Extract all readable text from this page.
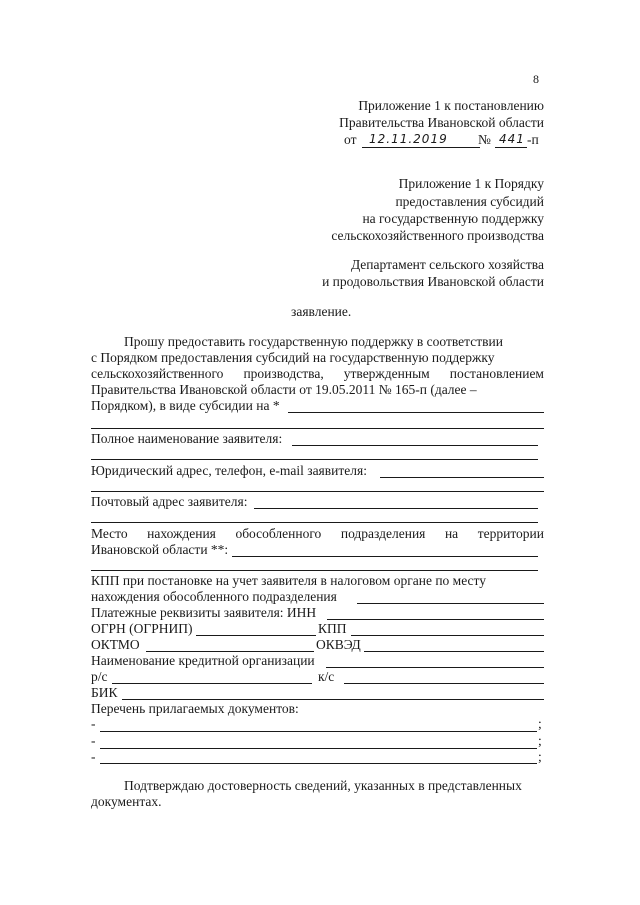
8
Приложение 1 к постановлению
Правительства Ивановской области
от 12.11.2019 № 441 -п
Приложение 1 к Порядку
предоставления субсидий
на государственную поддержку
сельскохозяйственного производства
Департамент сельского хозяйства
и продовольствия Ивановской области
заявление.
Прошу предоставить государственную поддержку в соответствии
с Порядком предоставления субсидий на государственную поддержку
сельскохозяйственного производства, утвержденным постановлением
Правительства Ивановской области от 19.05.2011 № 165-п (далее –
Порядком), в виде субсидии на *
Полное наименование заявителя:
Юридический адрес, телефон, e-mail заявителя:
Почтовый адрес заявителя:
Место нахождения обособленного подразделения на территории
Ивановской области **:
КПП при постановке на учет заявителя в налоговом органе по месту
нахождения обособленного подразделения
Платежные реквизиты заявителя: ИНН
ОГРН (ОГРНИП)	КПП
ОКТМО	ОКВЭД
Наименование кредитной организации
р/с	к/с
БИК
Перечень прилагаемых документов:
-	;
-	;
-	;
Подтверждаю достоверность сведений, указанных в представленных
документах.
